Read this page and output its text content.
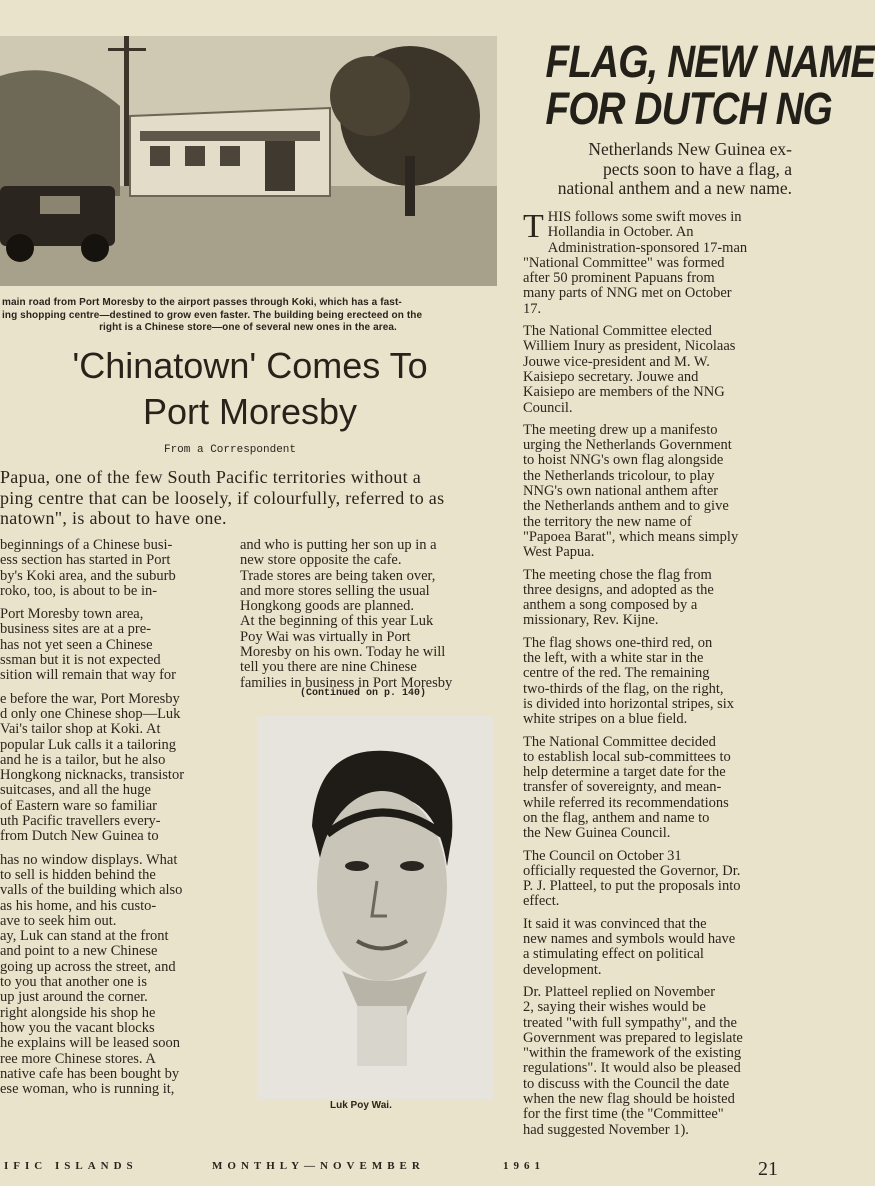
main road from Port Moresby to the airport passes through Koki, which has a fast-
ing shopping centre—destined to grow even faster. The building being erecteed on the
right is a Chinese store—one of several new ones in the area.
'Chinatown' Comes To
Port Moresby
From a Correspondent
Papua, one of the few South Pacific territories without a
ping centre that can be loosely, if colourfully, referred to as
natown", is about to have one.
beginnings of a Chinese busi-
ess section has started in Port
by's Koki area, and the suburb
roko, too, is about to be in-
Port Moresby town area,
business sites are at a pre-
has not yet seen a Chinese
ssman but it is not expected
sition will remain that way for
e before the war, Port Moresby
d only one Chinese shop—Luk
Vai's tailor shop at Koki. At
popular Luk calls it a tailoring
and he is a tailor, but he also
Hongkong nicknacks, transistor
suitcases, and all the huge
of Eastern ware so familiar
uth Pacific travellers every-
from Dutch New Guinea to
has no window displays. What
to sell is hidden behind the
valls of the building which also
as his home, and his custo-
ave to seek him out.
ay, Luk can stand at the front
and point to a new Chinese
going up across the street, and
to you that another one is
up just around the corner.
right alongside his shop he
how you the vacant blocks
he explains will be leased soon
ree more Chinese stores. A
native cafe has been bought by
ese woman, who is running it,
and who is putting her son up in a
new store opposite the cafe.
Trade stores are being taken over,
and more stores selling the usual
Hongkong goods are planned.
At the beginning of this year Luk
Poy Wai was virtually in Port
Moresby on his own. Today he will
tell you there are nine Chinese
families in business in Port Moresby
(Continued on p. 140)
Luk Poy Wai.
FLAG, NEW NAME
FOR DUTCH NG
Netherlands New Guinea ex-
pects soon to have a flag, a
national anthem and a new name.
T HIS follows some swift moves in
Hollandia in October. An
Administration-sponsored 17-man
"National Committee" was formed
after 50 prominent Papuans from
many parts of NNG met on October
17.

The National Committee elected
Williem Inury as president, Nicolaas
Jouwe vice-president and M. W.
Kaisiepo secretary. Jouwe and
Kaisiepo are members of the NNG
Council.

The meeting drew up a manifesto
urging the Netherlands Government
to hoist NNG's own flag alongside
the Netherlands tricolour, to play
NNG's own national anthem after
the Netherlands anthem and to give
the territory the new name of
"Papoea Barat", which means simply
West Papua.

The meeting chose the flag from
three designs, and adopted as the
anthem a song composed by a
missionary, Rev. Kijne.

The flag shows one-third red, on
the left, with a white star in the
centre of the red. The remaining
two-thirds of the flag, on the right,
is divided into horizontal stripes, six
white stripes on a blue field.

The National Committee decided
to establish local sub-committees to
help determine a target date for the
transfer of sovereignty, and mean-
while referred its recommendations
on the flag, anthem and name to
the New Guinea Council.

The Council on October 31
officially requested the Governor, Dr.
P. J. Platteel, to put the proposals into
effect.

It said it was convinced that the
new names and symbols would have
a stimulating effect on political
development.

Dr. Platteel replied on November
2, saying their wishes would be
treated "with full sympathy", and the
Government was prepared to legislate
"within the framework of the existing
regulations". It would also be pleased
to discuss with the Council the date
when the new flag should be hoisted
for the first time (the "Committee"
had suggested November 1).

IFIC ISLANDS	MONTHLY—NOVEMBER	1961	21
